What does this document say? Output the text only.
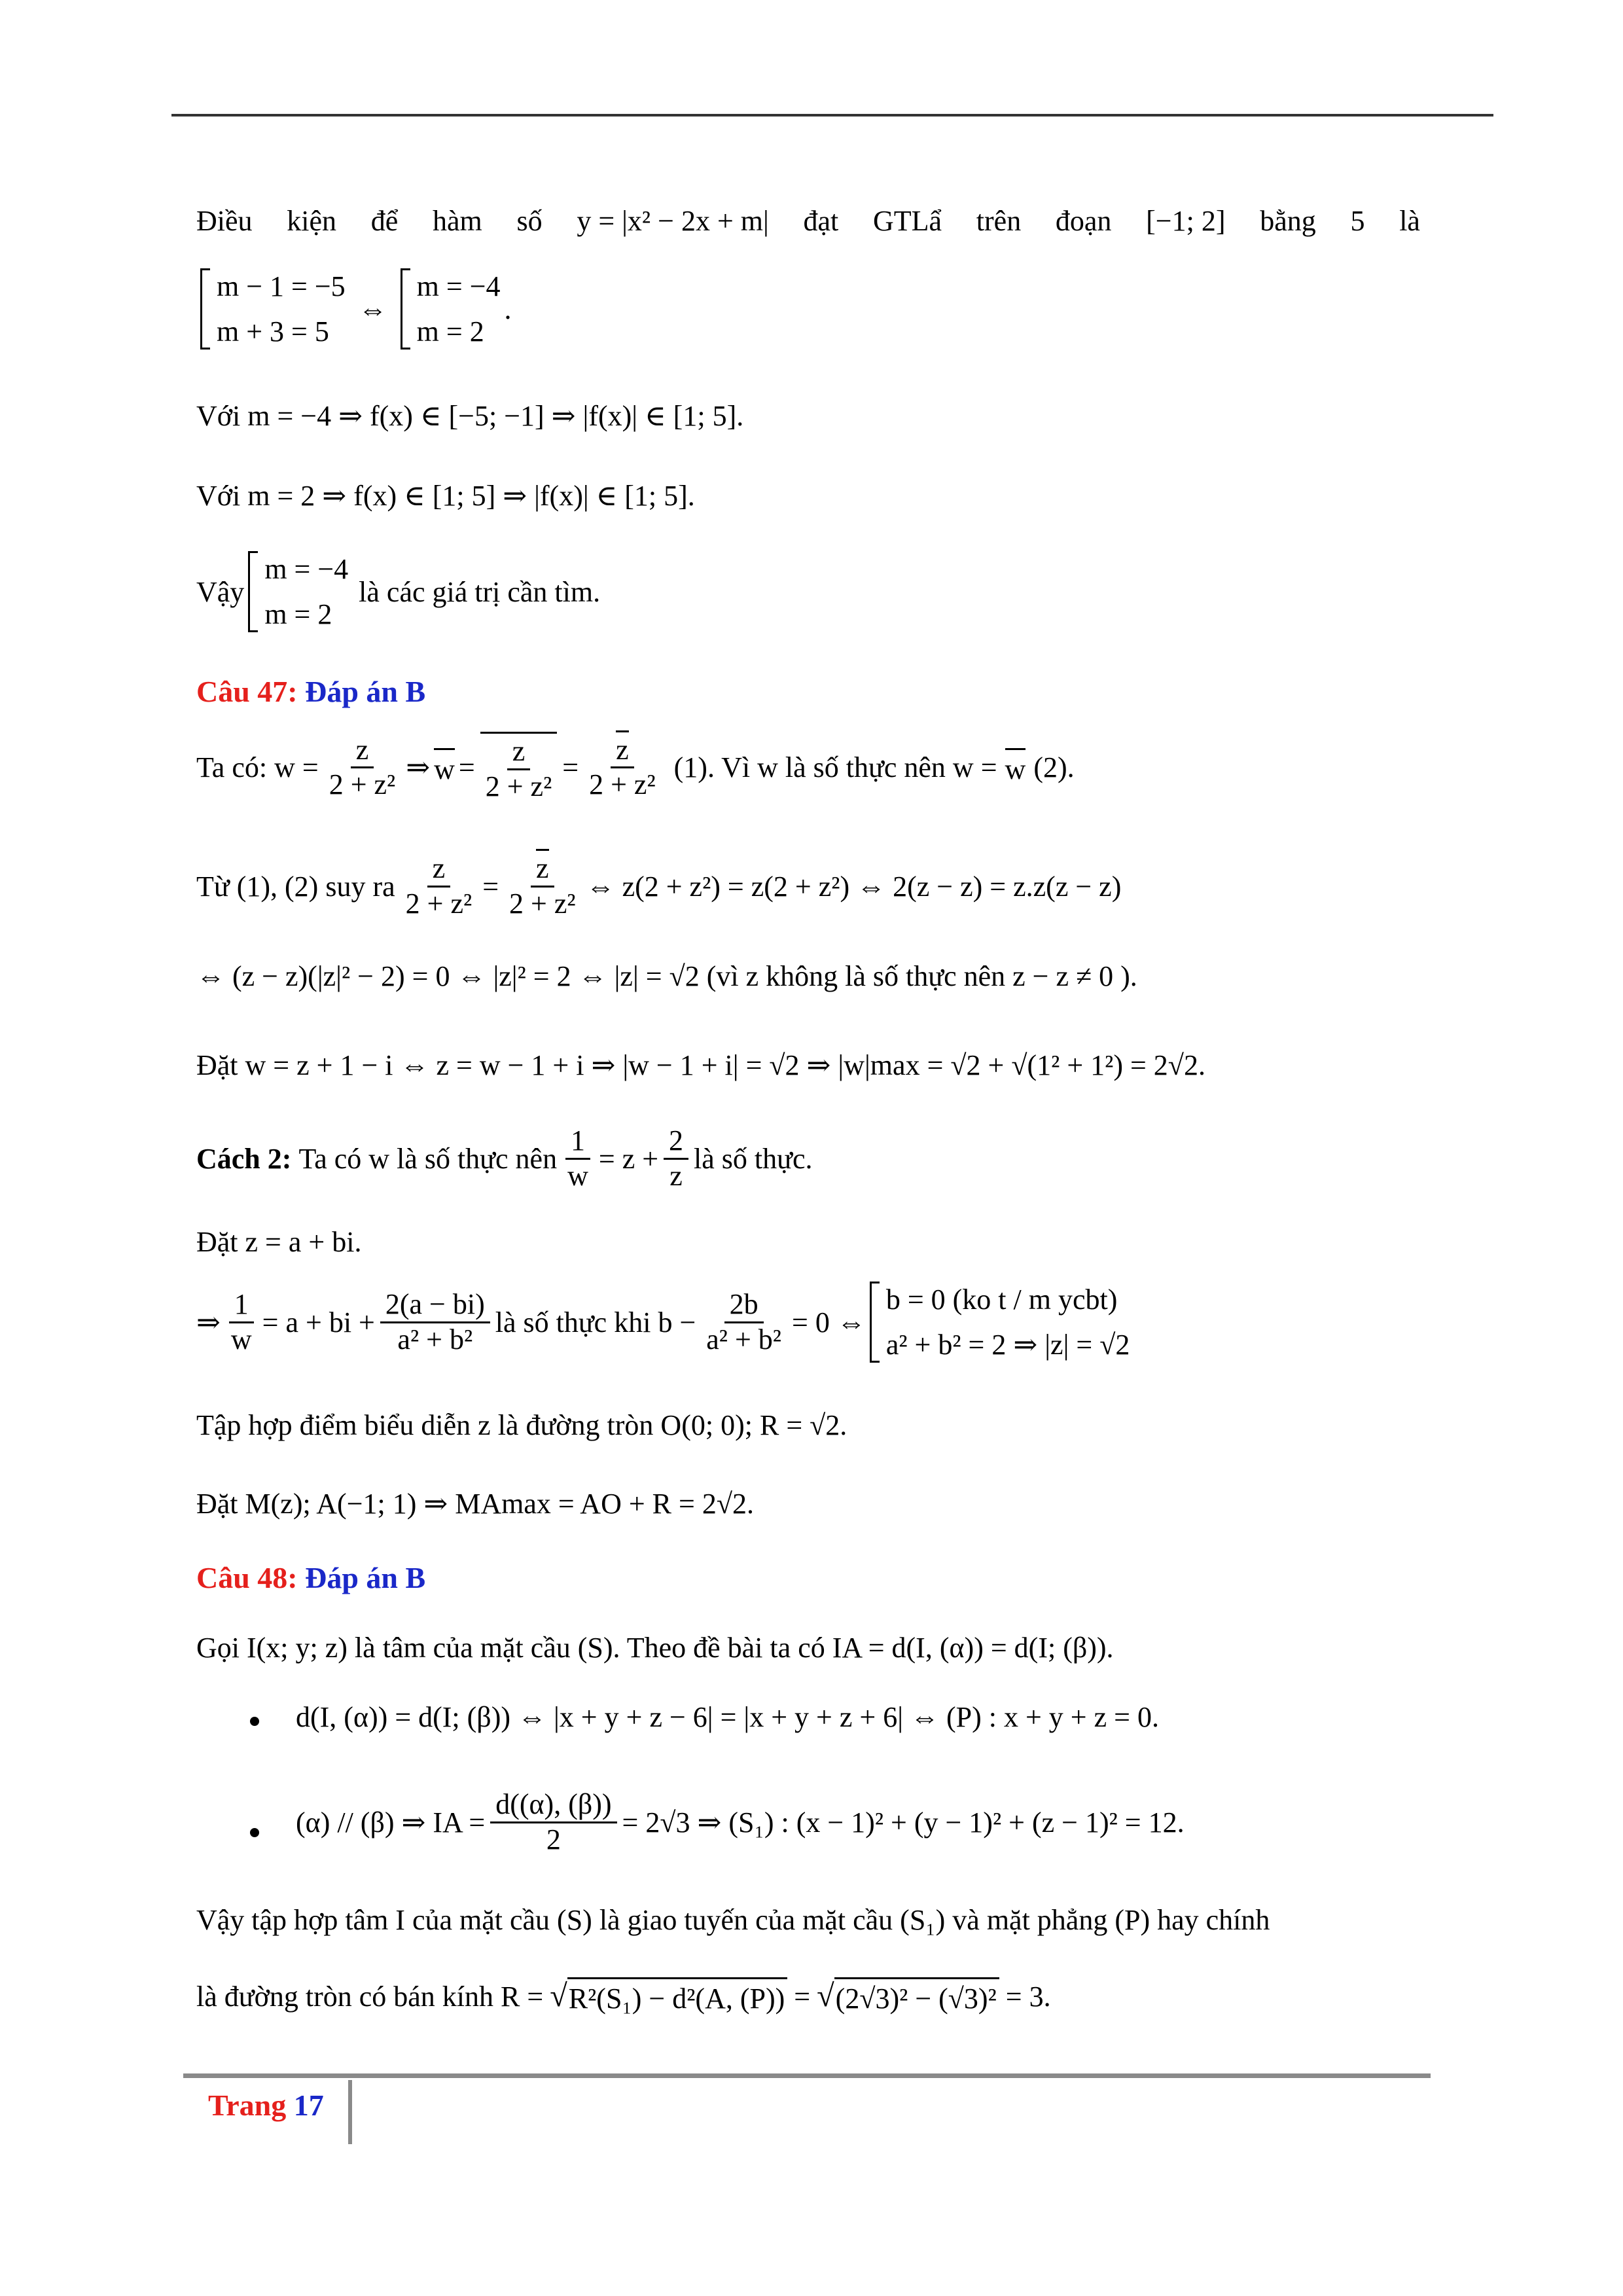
Điều kiện để hàm số y = |x² − 2x + m| đạt GTLẩ trên đoạn [−1; 2] bằng 5 là
m − 1 = −5
m + 3 = 5
⇔
m = −4
m = 2
.
Với m = −4 ⇒ f(x) ∈ [−5; −1] ⇒ |f(x)| ∈ [1; 5].
Với m = 2 ⇒ f(x) ∈ [1; 5] ⇒ |f(x)| ∈ [1; 5].
Vậy
m = −4
m = 2
là các giá trị cần tìm.
Câu 47:
Đáp án B
Ta có: $w = \frac{z}{\text{2 + z²}}$ ⇒ $w = \frac{z}{\text{2 + z²}} = \frac{z}{\text{2 + z²}} (1)$. Vì w là số thực nên w = w (2).
Từ (1), (2) suy ra $\frac{z}{\text{2 + z²}} = \frac{z}{\text{2 + z²}}$ ⇔ z(2 + z²) = z(2 + z²) ⇔ 2(z − z) = z.z(z − z)
⇔ (z − z)(|z|² − 2) = 0 ⇔ |z|² = 2 ⇔ |z| = √2 (vì z không là số thực nên z − z ≠ 0 ).
Đặt w = z + 1 − i ⇔ z = w − 1 + i ⇒ |w − 1 + i| = √2 ⇒ |w|max = √2 + √(1² + 1²) = 2√2.
Cách 2:
Ta có w là số thực nên $\frac{1}{w} = z + \frac{2}{z}$ là số thực.
Đặt z = a + bi.
⇒ $\frac{1}{w} = a$ + bi + $\frac{2(a - bi)}{\text{a² + b²}}$ là số thực khi $b - \frac{2b}{\text{a² + b²}} = 0$ ⇔
b = 0 (ko t / m ycbt)
a² + b² = 2 ⇒ |z| = √2
Tập hợp điểm biểu diễn z là đường tròn O(0; 0); R = √2.
Đặt M(z); A(−1; 1) ⇒ MAmax = AO + R = 2√2.
Câu 48:
Đáp án B
Gọi I(x; y; z) là tâm của mặt cầu (S). Theo đề bài ta có IA = d(I, (α)) = d(I; (β)).
d(I, (α)) = d(I; (β)) ⇔ |x + y + z − 6| = |x + y + z + 6| ⇔ (P) : x + y + z = 0.
(α) // (β) ⇒ IA = $\frac{d((\alpha), (\beta))}{2} = 2√3$ ⇒ (S₁) : (x − 1)² + (y − 1)² + (z − 1)² = 12.
Vậy tập hợp tâm I của mặt cầu (S) là giao tuyến của mặt cầu (S₁) và mặt phẳng (P) hay chính
là đường tròn có bán kính R = √ R²(S₁) − d²(A, (P)) = √ (2√3)² − (√3)² = 3.
Trang 17
